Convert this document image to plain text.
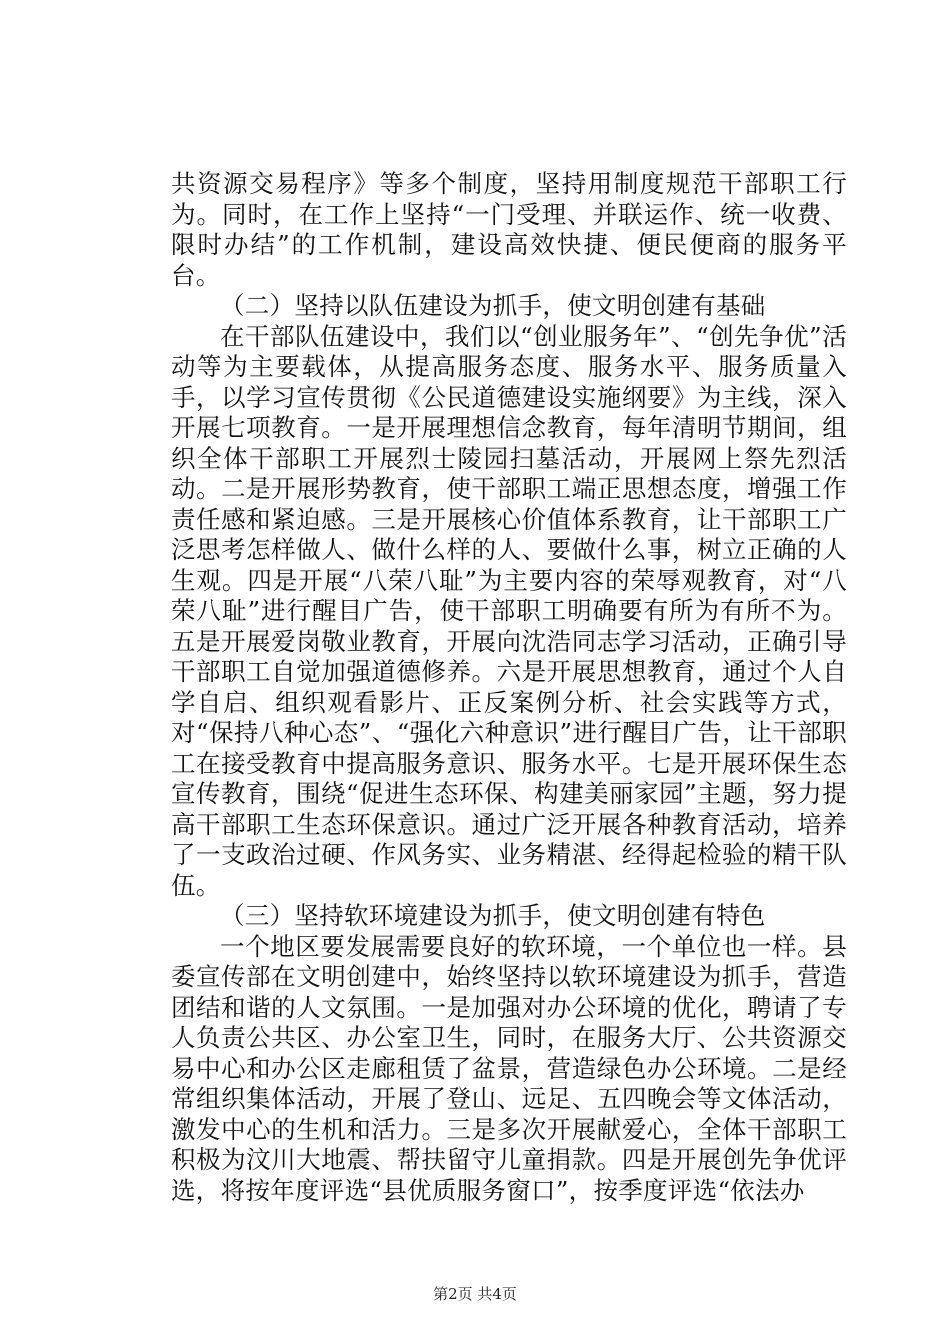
共资源交易程序》等多个制度，坚持用制度规范干部职工行为。同时，在工作上坚持“一门受理、并联运作、统一收费、限时办结”的工作机制，建设高效快捷、便民便商的服务平台。

（二）坚持以队伍建设为抓手，使文明创建有基础

在干部队伍建设中，我们以“创业服务年”、“创先争优”活动等为主要载体，从提高服务态度、服务水平、服务质量入手，以学习宣传贯彻《公民道德建设实施纲要》为主线，深入开展七项教育。一是开展理想信念教育，每年清明节期间，组织全体干部职工开展烈士陵园扫墓活动，开展网上祭先烈活动。二是开展形势教育，使干部职工端正思想态度，增强工作责任感和紧迫感。三是开展核心价值体系教育，让干部职工广泛思考怎样做人、做什么样的人、要做什么事，树立正确的人生观。四是开展“八荣八耻”为主要内容的荣辱观教育，对“八荣八耻”进行醒目广告，使干部职工明确要有所为有所不为。五是开展爱岗敬业教育，开展向沈浩同志学习活动，正确引导干部职工自觉加强道德修养。六是开展思想教育，通过个人自学自启、组织观看影片、正反案例分析、社会实践等方式，对“保持八种心态”、“强化六种意识”进行醒目广告，让干部职工在接受教育中提高服务意识、服务水平。七是开展环保生态宣传教育，围绕“促进生态环保、构建美丽家园”主题，努力提高干部职工生态环保意识。通过广泛开展各种教育活动，培养了一支政治过硬、作风务实、业务精湛、经得起检验的精干队伍。

（三）坚持软环境建设为抓手，使文明创建有特色

一个地区要发展需要良好的软环境，一个单位也一样。县委宣传部在文明创建中，始终坚持以软环境建设为抓手，营造团结和谐的人文氛围。一是加强对办公环境的优化，聘请了专人负责公共区、办公室卫生，同时，在服务大厅、公共资源交易中心和办公区走廊租赁了盆景，营造绿色办公环境。二是经常组织集体活动，开展了登山、远足、五四晚会等文体活动，激发中心的生机和活力。三是多次开展献爱心，全体干部职工积极为汶川大地震、帮扶留守儿童捐款。四是开展创先争优评选，将按年度评选“县优质服务窗口”，按季度评选“依法办

第2页 共4页
